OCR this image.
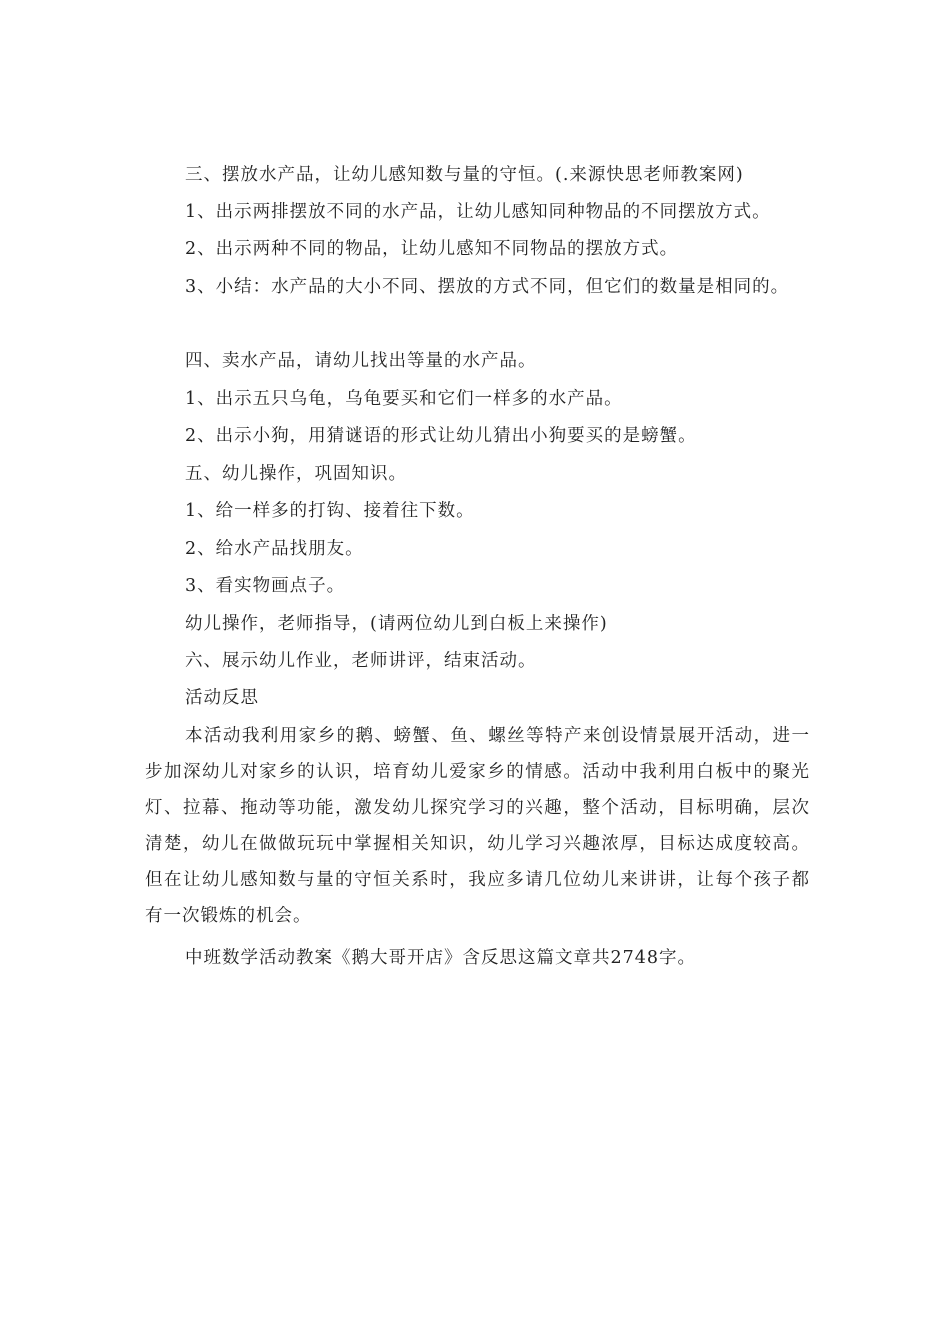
三、摆放水产品，让幼儿感知数与量的守恒。(.来源快思老师教案网)
1、出示两排摆放不同的水产品，让幼儿感知同种物品的不同摆放方式。
2、出示两种不同的物品，让幼儿感知不同物品的摆放方式。
3、小结：水产品的大小不同、摆放的方式不同，但它们的数量是相同的。
四、卖水产品，请幼儿找出等量的水产品。
1、出示五只乌龟，乌龟要买和它们一样多的水产品。
2、出示小狗，用猜谜语的形式让幼儿猜出小狗要买的是螃蟹。
五、幼儿操作，巩固知识。
1、给一样多的打钩、接着往下数。
2、给水产品找朋友。
3、看实物画点子。
幼儿操作，老师指导，(请两位幼儿到白板上来操作)
六、展示幼儿作业，老师讲评，结束活动。
活动反思
本活动我利用家乡的鹅、螃蟹、鱼、螺丝等特产来创设情景展开活动，进一步加深幼儿对家乡的认识，培育幼儿爱家乡的情感。活动中我利用白板中的聚光灯、拉幕、拖动等功能，激发幼儿探究学习的兴趣，整个活动，目标明确，层次清楚，幼儿在做做玩玩中掌握相关知识，幼儿学习兴趣浓厚，目标达成度较高。但在让幼儿感知数与量的守恒关系时，我应多请几位幼儿来讲讲，让每个孩子都有一次锻炼的机会。
中班数学活动教案《鹅大哥开店》含反思这篇文章共2748字。
